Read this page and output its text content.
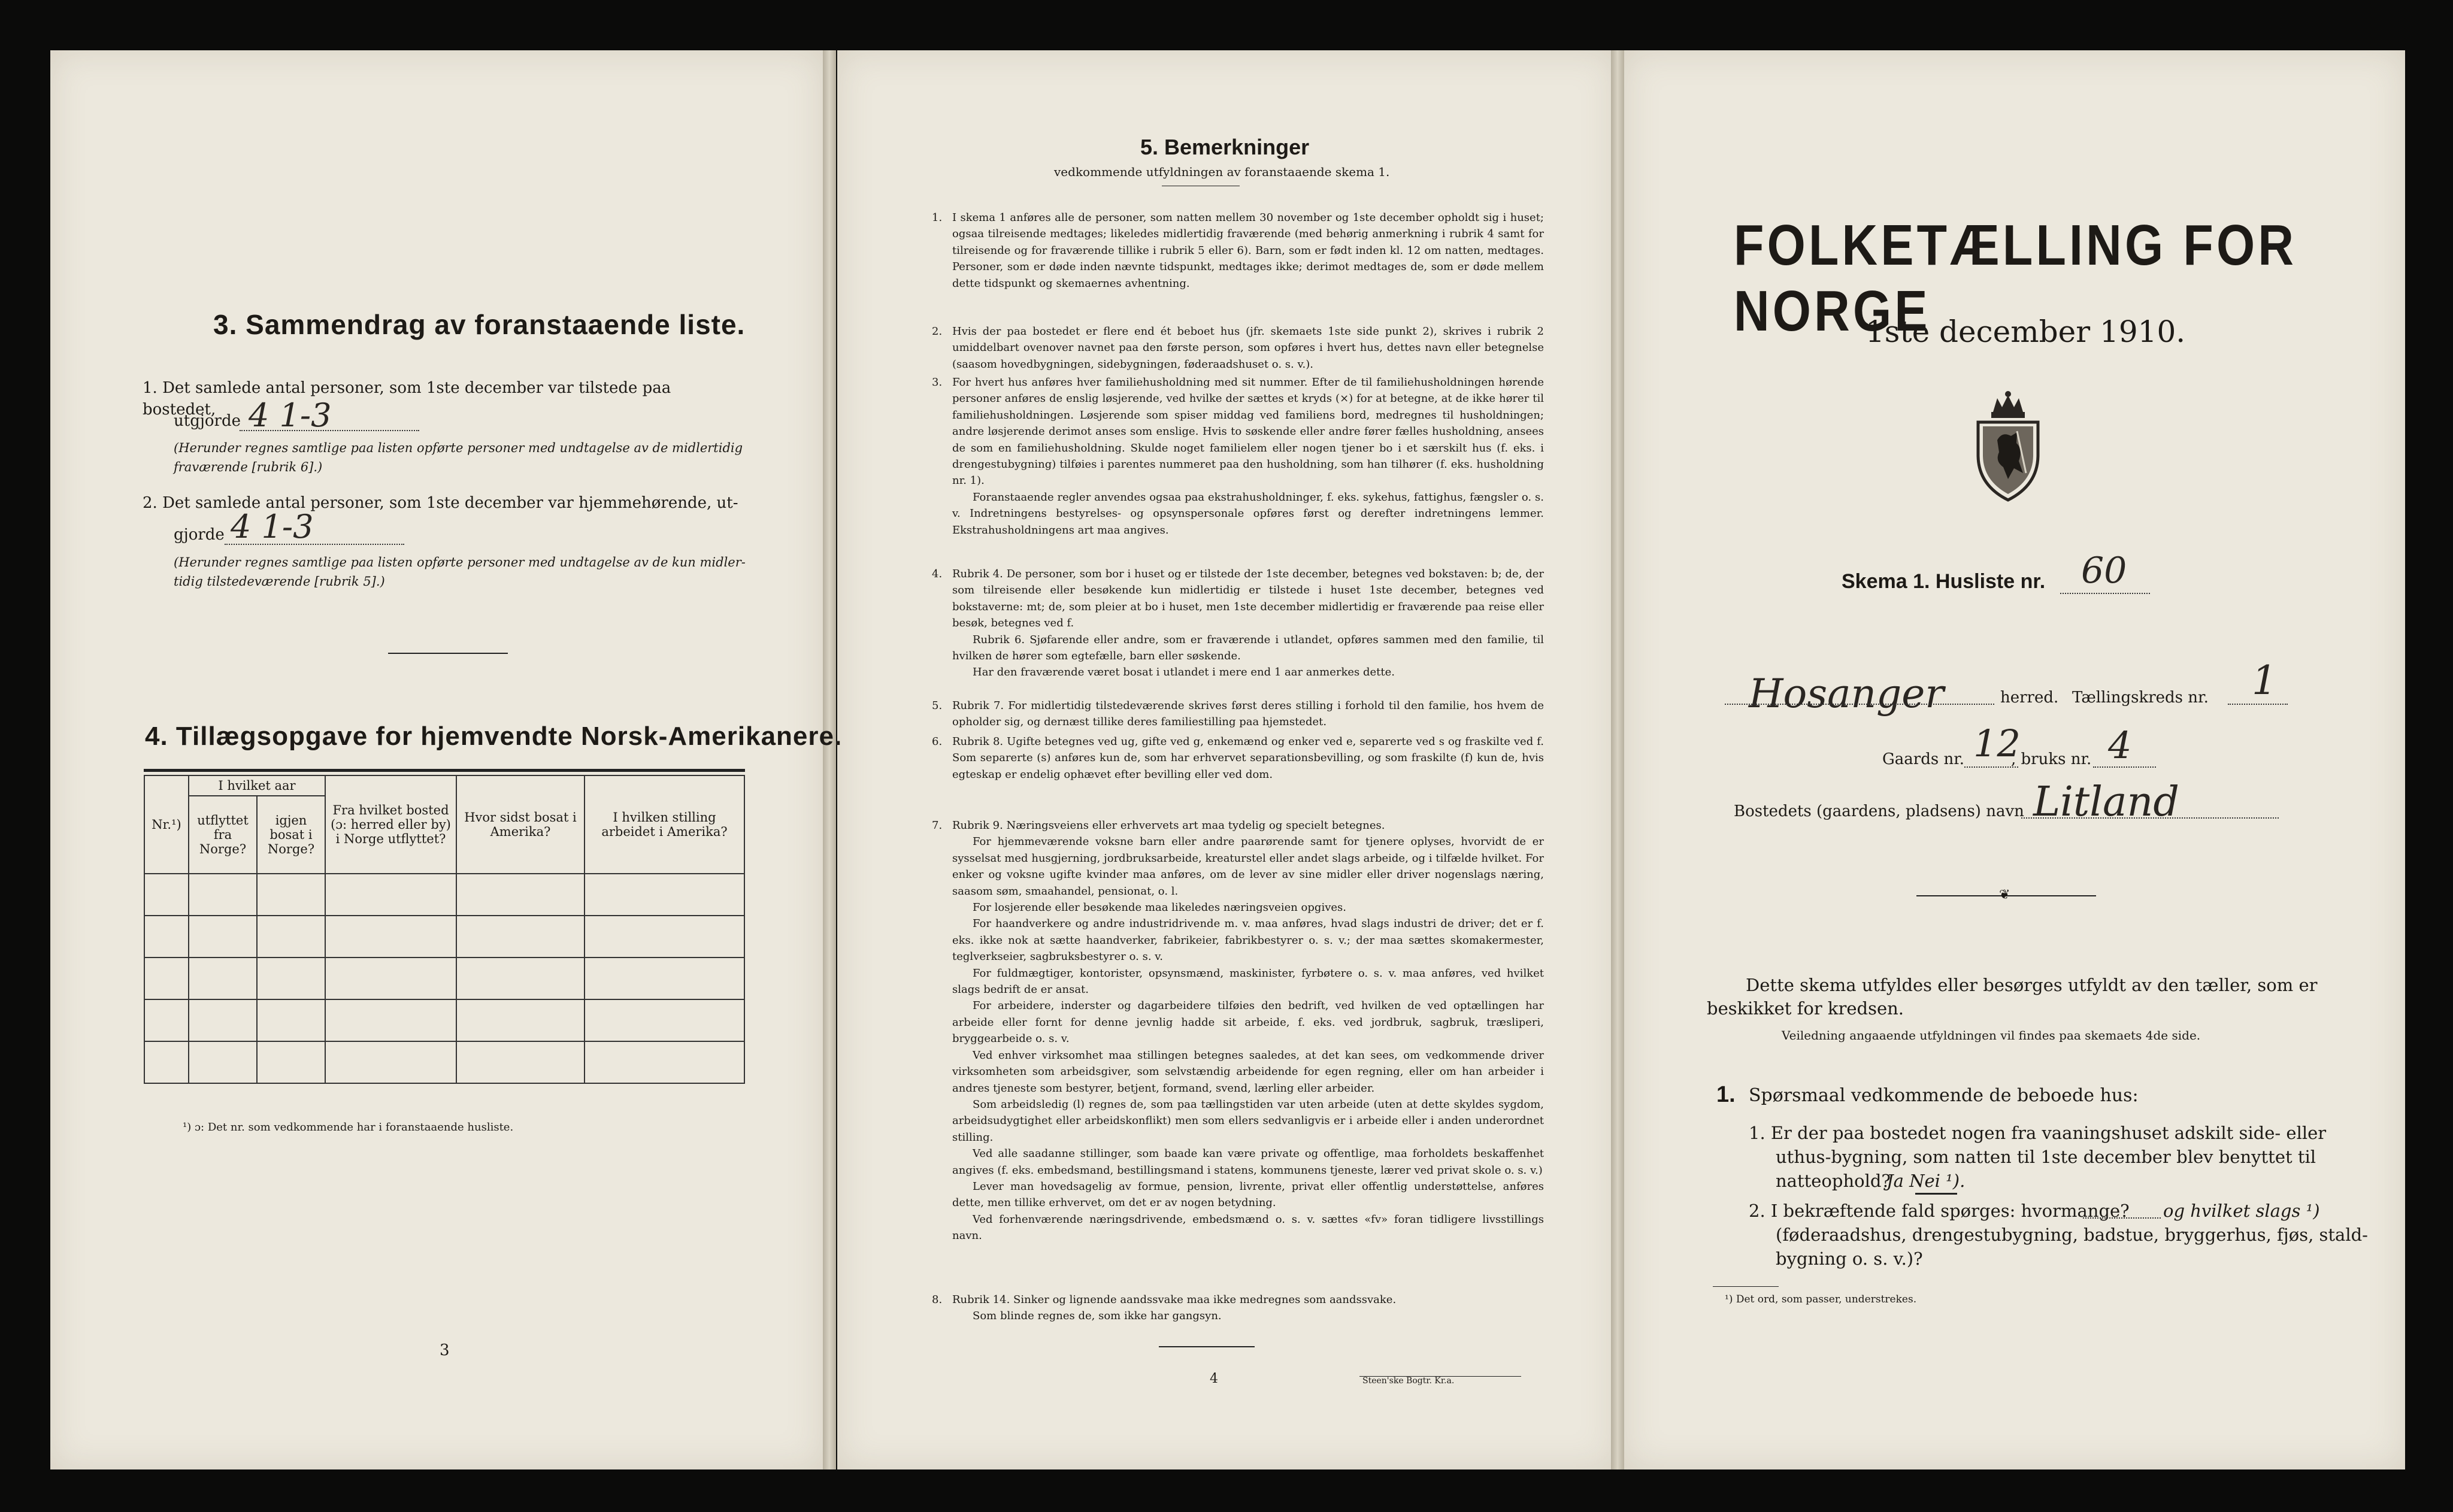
3. Sammendrag av foranstaaende liste.
1. Det samlede antal personer, som 1ste december var tilstede paa bostedet,
utgjorde 4 1-3
(Herunder regnes samtlige paa listen opførte personer med undtagelse av de midlertidig
fraværende [rubrik 6].)
2. Det samlede antal personer, som 1ste december var hjemmehørende, ut-
gjorde 4 1-3
(Herunder regnes samtlige paa listen opførte personer med undtagelse av de kun midler-
tidig tilstedeværende [rubrik 5].)
4. Tillægsopgave for hjemvendte Norsk-Amerikanere.
Nr.¹)	I hvilket aar		Fra hvilket bosted (ɔ: herred eller by) i Norge utflyttet?	Hvor sidst bosat i Amerika?	I hvilken stilling arbeidet i Amerika?
	utflyttet fra Norge?	igjen bosat i Norge?			

¹) ɔ: Det nr. som vedkommende har i foranstaaende husliste.
3
5. Bemerkninger
vedkommende utfyldningen av foranstaaende skema 1.
1. I skema 1 anføres alle de personer, som natten mellem 30 november og 1ste december opholdt sig i huset; ogsaa tilreisende medtages; likeledes midlertidig fraværende (med behørig anmerkning i rubrik 4 samt for tilreisende og for fraværende tillike i rubrik 5 eller 6). Barn, som er født inden kl. 12 om natten, medtages. Personer, som er døde inden nævnte tidspunkt, medtages ikke; derimot medtages de, som er døde mellem dette tidspunkt og skemaernes avhentning.

2. Hvis der paa bostedet er flere end ét beboet hus (jfr. skemaets 1ste side punkt 2), skrives i rubrik 2 umiddelbart ovenover navnet paa den første person, som opføres i hvert hus, dettes navn eller betegnelse (saasom hovedbygningen, sidebygningen, føderaadshuset o. s. v.).

3. For hvert hus anføres hver familiehusholdning med sit nummer. Efter de til familiehusholdningen hørende personer anføres de enslig løsjerende, ved hvilke der sættes et kryds (×) for at betegne, at de ikke hører til familiehusholdningen. Løsjerende som spiser middag ved familiens bord, medregnes til husholdningen; andre løsjerende derimot anses som enslige. Hvis to søskende eller andre fører fælles husholdning, ansees de som en familiehusholdning. Skulde noget familielem eller nogen tjener bo i et særskilt hus (f. eks. i drengestubygning) tilføies i parentes nummeret paa den husholdning, som han tilhører (f. eks. husholdning nr. 1).

Foranstaaende regler anvendes ogsaa paa ekstrahusholdninger, f. eks. sykehus, fattighus, fængsler o. s. v. Indretningens bestyrelses- og opsynspersonale opføres først og derefter indretningens lemmer. Ekstrahusholdningens art maa angives.

4. Rubrik 4. De personer, som bor i huset og er tilstede der 1ste december, betegnes ved bokstaven: b; de, der som tilreisende eller besøkende kun midlertidig er tilstede i huset 1ste december, betegnes ved bokstaverne: mt; de, som pleier at bo i huset, men 1ste december midlertidig er fraværende paa reise eller besøk, betegnes ved f.

Rubrik 6. Sjøfarende eller andre, som er fraværende i utlandet, opføres sammen med den familie, til hvilken de hører som egtefælle, barn eller søskende.

Har den fraværende været bosat i utlandet i mere end 1 aar anmerkes dette.

5. Rubrik 7. For midlertidig tilstedeværende skrives først deres stilling i forhold til den familie, hos hvem de opholder sig, og dernæst tillike deres familiestilling paa hjemstedet.

6. Rubrik 8. Ugifte betegnes ved ug, gifte ved g, enkemænd og enker ved e, separerte ved s og fraskilte ved f. Som separerte (s) anføres kun de, som har erhvervet separationsbevilling, og som fraskilte (f) kun de, hvis egteskap er endelig ophævet efter bevilling eller ved dom.

7. Rubrik 9. Næringsveiens eller erhvervets art maa tydelig og specielt betegnes.

For hjemmeværende voksne barn eller andre paarørende samt for tjenere oplyses, hvorvidt de er sysselsat med husgjerning, jordbruksarbeide, kreaturstel eller andet slags arbeide, og i tilfælde hvilket. For enker og voksne ugifte kvinder maa anføres, om de lever av sine midler eller driver nogenslags næring, saasom søm, smaahandel, pensionat, o. l.

For losjerende eller besøkende maa likeledes næringsveien opgives.

For haandverkere og andre industridrivende m. v. maa anføres, hvad slags industri de driver; det er f. eks. ikke nok at sætte haandverker, fabrikeier, fabrikbestyrer o. s. v.; der maa sættes skomakermester, teglverkseier, sagbruksbestyrer o. s. v.

For fuldmægtiger, kontorister, opsynsmænd, maskinister, fyrbøtere o. s. v. maa anføres, ved hvilket slags bedrift de er ansat.

For arbeidere, inderster og dagarbeidere tilføies den bedrift, ved hvilken de ved optællingen har arbeide eller fornt for denne jevnlig hadde sit arbeide, f. eks. ved jordbruk, sagbruk, træsliperi, bryggearbeide o. s. v.

Ved enhver virksomhet maa stillingen betegnes saaledes, at det kan sees, om vedkommende driver virksomheten som arbeidsgiver, som selvstændig arbeidende for egen regning, eller om han arbeider i andres tjeneste som bestyrer, betjent, formand, svend, lærling eller arbeider.

Som arbeidsledig (l) regnes de, som paa tællingstiden var uten arbeide (uten at dette skyldes sygdom, arbeidsudygtighet eller arbeidskonflikt) men som ellers sedvanligvis er i arbeide eller i anden underordnet stilling.

Ved alle saadanne stillinger, som baade kan være private og offentlige, maa forholdets beskaffenhet angives (f. eks. embedsmand, bestillingsmand i statens, kommunens tjeneste, lærer ved privat skole o. s. v.)

Lever man hovedsagelig av formue, pension, livrente, privat eller offentlig understøttelse, anføres dette, men tillike erhvervet, om det er av nogen betydning.

Ved forhenværende næringsdrivende, embedsmænd o. s. v. sættes «fv» foran tidligere livsstillings navn.

8. Rubrik 14. Sinker og lignende aandssvake maa ikke medregnes som aandssvake.

Som blinde regnes de, som ikke har gangsyn.

4	Steen'ske Bogtr. Kr.a.
FOLKETÆLLING FOR NORGE
1ste december 1910.
Skema 1. Husliste nr. 60
Hosanger	herred. Tællingskreds nr. 1
Gaards nr. 12
, bruks nr. 4
Bostedets (gaardens, pladsens) navn Litland
❦
Dette skema utfyldes eller besørges utfyldt av den tæller, som er
beskikket for kredsen.
Veiledning angaaende utfyldningen vil findes paa skemaets 4de side.
1. Spørsmaal vedkommende de beboede hus:
1. Er der paa bostedet nogen fra vaaningshuset adskilt side- eller
uthus-bygning, som natten til 1ste december blev benyttet til
natteophold?
Ja Nei ¹).
2. I bekræftende fald spørges: hvormange? og hvilket slags ¹)
(føderaadshus, drengestubygning, badstue, bryggerhus, fjøs, stald-
bygning o. s. v.)?
¹) Det ord, som passer, understrekes.
